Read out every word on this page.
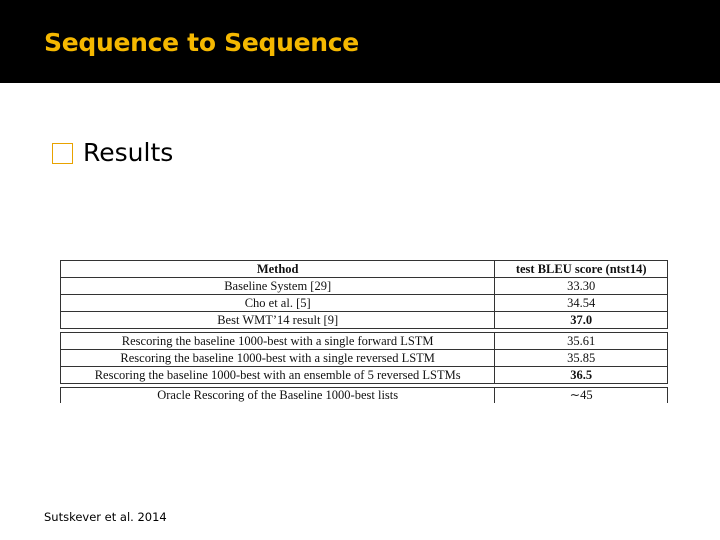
Sequence to Sequence
Results
Method	test BLEU score (ntst14)
Baseline System [29]	33.30
Cho et al. [5]	34.54
Best WMT’14 result [9]	37.0

Rescoring the baseline 1000-best with a single forward LSTM	35.61
Rescoring the baseline 1000-best with a single reversed LSTM	35.85
Rescoring the baseline 1000-best with an ensemble of 5 reversed LSTMs	36.5

Oracle Rescoring of the Baseline 1000-best lists	∼45
Sutskever et al. 2014
